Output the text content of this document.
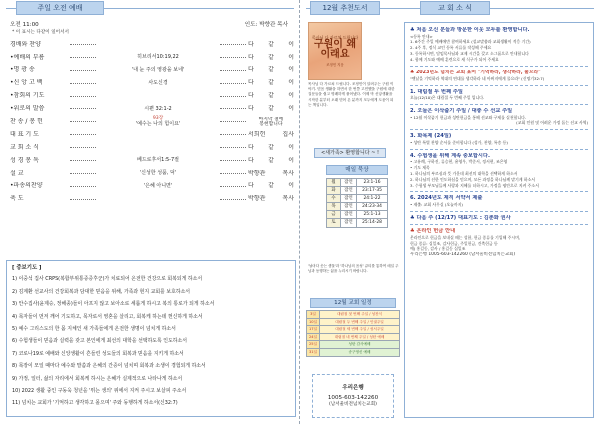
주일 오전 예배
오전 11:00	인도: 박향관 목사
* 이 표시는 다같이 일어서서
경배와 찬양	다 같 이
•예배의 부름	히브리서10:19,22	다 같 이
•명 광 송	'내 눈 주의 영광을 보네'	다 같 이
•신 앙 고 백	사도신경	다 같 이
•참회의 기도	다 같 이
•위로의 말씀	시편 32:1-2	다 같 이
찬 송 / 봉 헌	93장
'예수는 나의 힘이요'
마지막 절에
봉헌합니다
대 표 기 도	서희헌 집사
교 회 소 식	다 같 이
성 경 봉 독	베드로후서1:5-7절	다 같 이
설 교	'신성한 성품, 덕'	박향관 목사
•파송의찬양	'은혜 아니면'	다 같 이
축 도	박향관 목사
[ 중보기도 ]
1) 이중석 집사 CRPS(복합부위통증증후군)가 치료되어 온전한 건강으로 회복되게 하소서
2) 김계환 선교사의 건강회복과 담대한 믿음을 위해, 가족과 현지 교회를 보호하소서
3) 안수집사(윤제승, 정해종)들이 아프지 않고 보아소로 세롭게 하시고 복의 통로가 되게 하소서
4) 목자들이 먼저 깨어 기도하고, 목자로서 영혼을 살리고, 회복케 하는데 헌신하게 하소서
5) 예수 그리스도의 한 몸 지체인 새 가족들에게 온전한 생명이 넘치게 하소서
6) 수험생들이 믿음과 실력을 갖고 본인에게 최선의 대학을 선택하도록 인도하소서
7) 코로나19로 예배와 신앙생활이 흔들린 성도들의 회복과 믿음을 지키게 하소서
8) 목장이 모일 때마다 예수와 말씀과 은혜의 간증이 넘치며 회복과 소생이 경험되게 하소서
9) 가정, 일터, 삶의 자리에서 회복케 하시는 은혜가 실제적으로 나타나게 하소서
10) 2022 생활 중인 구동욱 청년을 '뛰는 생의' 위에서 지켜 주시고 보살피 주소서
11) 넘치는 교회가 '기억하고 생각하고 몰으며' 주와 동행하게 하소서(신32:7)
12월 추천도서	교 회 소 식
목사님 다 가르쳐 드립니다
구원이 왜 이래요
조정민 지음
목사님 다 가르쳐 드립니다. 조정민이 알려주는 구원 이야기. 믿음 생활을 하면서 한 번쯤 고민했을 구원에 대한 질문들을 쉽고 명쾌하게 풀어냈다. 이제 막 신앙생활을 시작한 분부터 오래 믿어 온 분까지 모두에게 도움이 되는 책입니다.
<새가족> 환영합니다 ~ !
매일 묵상
월	잠언	23:1-16
화	잠언	23:17-35
수	잠언	24:1-22
목	잠언	24:23-34
금	잠언	25:1-13
토	잠언	25:14-28
'날마다 솟는 샘물'과 '하나님의 음성' 큐티를 통하여 매일 주님과 동행하는 삶을 누리시기 바랍니다.
12월 교회 일정
3일	대림절 첫 번째 주일 / 성찬식
10일	대림절 두 번째 주일 / 인권주일
17일	대림절 세 번째 주일 / 성서주일
24일	대림절 네 번째 주일 / 성탄 예배
25일	성탄 감사예배
31일	송구영신 예배
우리은행
1005-603-142260
(남서울비전넘치는교회)

♣ 처음 오신 분들과 방문한 이웃 모두를 환영합니다.

<등록 안내>

1. 6주간 주일 예배에만 참여하세요 (설교말씀과 교회생활이 적응 기간)

2. 4주 후, 정식 교인 등록 서류를 작성해 주세요

3. 등록하시면, 담임목사님과 교제 시간을 갖고 소그룹으로 안내합니다

4. 함께 기도와 예배 훈련으로 새 식구가 되어 주세요

♣ 2023년도 넘치는 교회 표어 "기억하라, 생각하라, 물으라"

"옛날을 기억하라 역대의 연대를 생각하라 네 아버지에게 물으라" (신명기32:7)

1. 대림절 두 번째 주일

오늘(12/10)은 대림절 두 번째 주일 입니다.

2. 오늘은 이삭줍기 주일 / 대충 수 선교 주일

• 12월 이삭줍기 헌금과 성탄헌금을 통해 선교와 구제를 실천합니다.

(교회 인원 및 어려운 가정 돕는 선교 사역)

3. 화목제 (24일)

• 성탄 특별 찬양 순서를 준비합니다 (성가, 찬양, 특송 등)

4. 수험생을 위해 계속 중보합시다.

• 고유례, 구하진, 류승현, 윤영우, 박준서, 정서현, 조은영

• 기도 제목

1. 하나님의 부르심과 뜻 가운데 최선의 대학을 선택하게 하소서

2. 하나님의 선한 인도하심을 믿으며, 모든 과정을 하나님께 맡기게 하소서

3. 수험생 부모님들께 사랑과 지혜를 더하시고, 가정을 평안으로 지켜 주소서

6. 2024년도 제직 서약서 제출

• 제출: 교회 사무실 (오늘까지)

♣ 다음 주 (12/17) 대표기도 : 김춘화 권사

♣ 온라인 헌금 안내

온라인으로 헌금을 보내실 때는 성함, 헌금 종류를 기입해 주시며,

헌금 종류: 십일조, 감사헌금, 주일헌금, 건축헌금 등

예) 홍길동, 감사 / 홍길동 십일조

우리은행 1005-603-142260 (남서울비전넘치는교회)
